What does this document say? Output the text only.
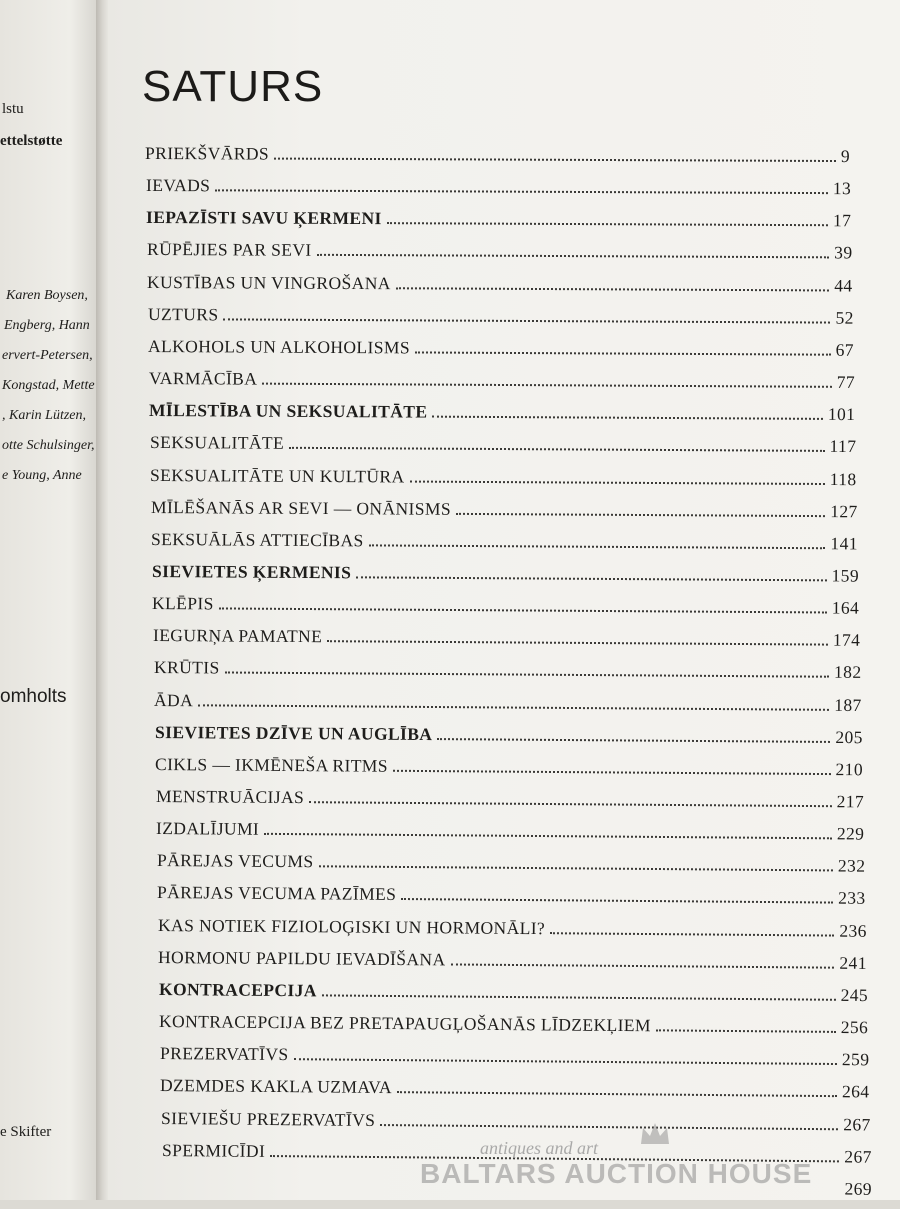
lstu
ettelstøtte
Karen Boysen,
Engberg, Hann
ervert-Petersen,
Kongstad, Mette
, Karin Lützen,
otte Schulsinger,
e Young, Anne
omholts
e Skifter
SATURS
PRIEKŠVĀRDS	9
IEVADS	13
IEPAZĪSTI SAVU ĶERMENI	17
RŪPĒJIES PAR SEVI	39
KUSTĪBAS UN VINGROŠANA	44
UZTURS	52
ALKOHOLS UN ALKOHOLISMS	67
VARMĀCĪBA	77
MĪLESTĪBA UN SEKSUALITĀTE	101
SEKSUALITĀTE	117
SEKSUALITĀTE UN KULTŪRA	118
MĪLĒŠANĀS AR SEVI — ONĀNISMS	127
SEKSUĀLĀS ATTIECĪBAS	141
SIEVIETES ĶERMENIS	159
KLĒPIS	164
IEGURŅA PAMATNE	174
KRŪTIS	182
ĀDA	187
SIEVIETES DZĪVE UN AUGLĪBA	205
CIKLS — IKMĒNEŠA RITMS	210
MENSTRUĀCIJAS	217
IZDALĪJUMI	229
PĀREJAS VECUMS	232
PĀREJAS VECUMA PAZĪMES	233
KAS NOTIEK FIZIOLOĢISKI UN HORMONĀLI?	236
HORMONU PAPILDU IEVADĪŠANA	241
KONTRACEPCIJA	245
KONTRACEPCIJA BEZ PRETAPAUGĻOŠANĀS LĪDZEKĻIEM	256
PREZERVATĪVS	259
DZEMDES KAKLA UZMAVA	264
SIEVIEŠU PREZERVATĪVS	267
SPERMICĪDI	267
269
antiques and art
BALTARS AUCTION HOUSE
